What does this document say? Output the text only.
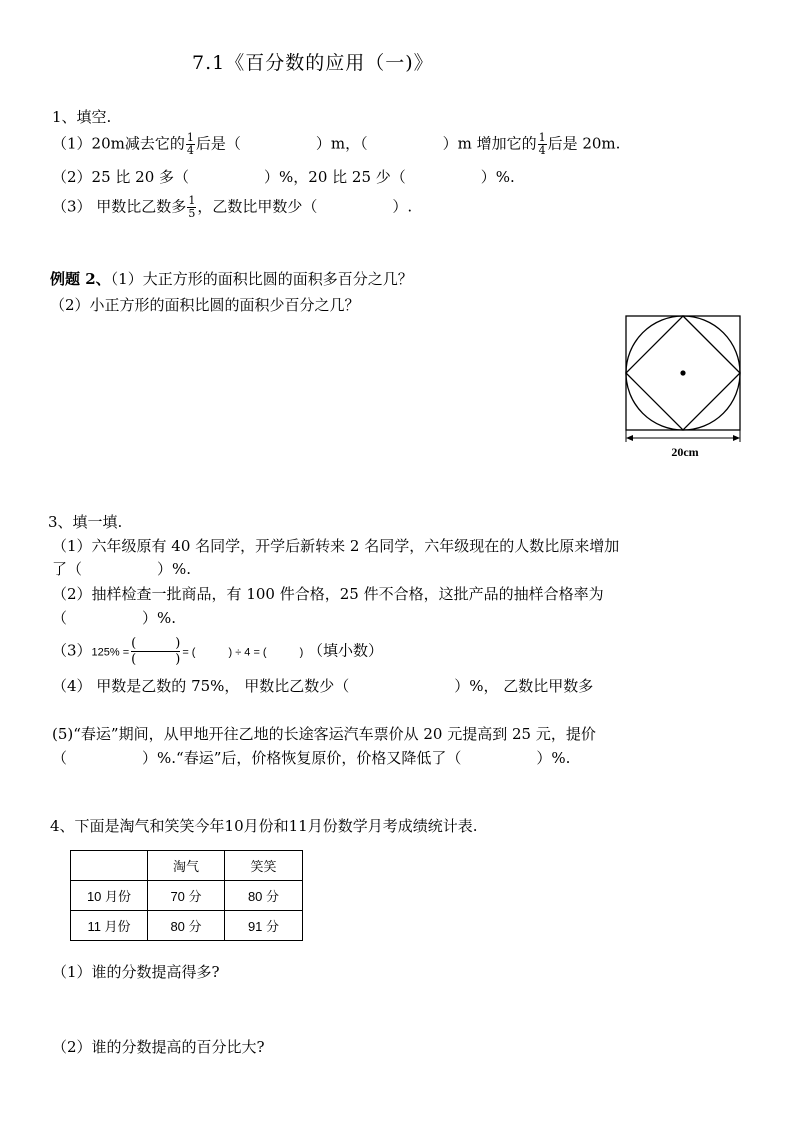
7.1《百分数的应用（一)》
1、填空.
（1）20m减去它的 $\frac{1}{4}$ 后是（　　　　　）m，（　　　　　）m 增加它的 $\frac{1}{4}$ 后是 20m.
（2）25 比 20 多（　　　　　）%，20 比 25 少（　　　　　）%.
（3） 甲数比乙数多 $\frac{1}{5}$ ，乙数比甲数少（　　　　　）.
例题 2、（1）大正方形的面积比圆的面积多百分之几？
（2）小正方形的面积比圆的面积少百分之几？
20cm
3、填一填.
（1）六年级原有 40 名同学，开学后新转来 2 名同学，六年级现在的人数比原来增加
了（　　　　　）%.
（2）抽样检查一批商品，有 100 件合格，25 件不合格，这批产品的抽样合格率为
（　　　　　）%.
$(3)125\% = \frac{( )}{( )}$ = (　　　) ÷ 4 = (　　　) （填小数）
（4） 甲数是乙数的 75%， 甲数比乙数少（　　　　　　　）%， 乙数比甲数多
(5)“春运”期间，从甲地开往乙地的长途客运汽车票价从 20 元提高到 25 元，提价
（　　　　　）%.“春运”后，价格恢复原价，价格又降低了（　　　　　）%.
4、下面是淘气和笑笑今年10月份和11月份数学月考成绩统计表.
	淘气	笑笑
10 月份	70 分	80 分
11 月份	80 分	91 分
（1）谁的分数提高得多?
（2）谁的分数提高的百分比大?
